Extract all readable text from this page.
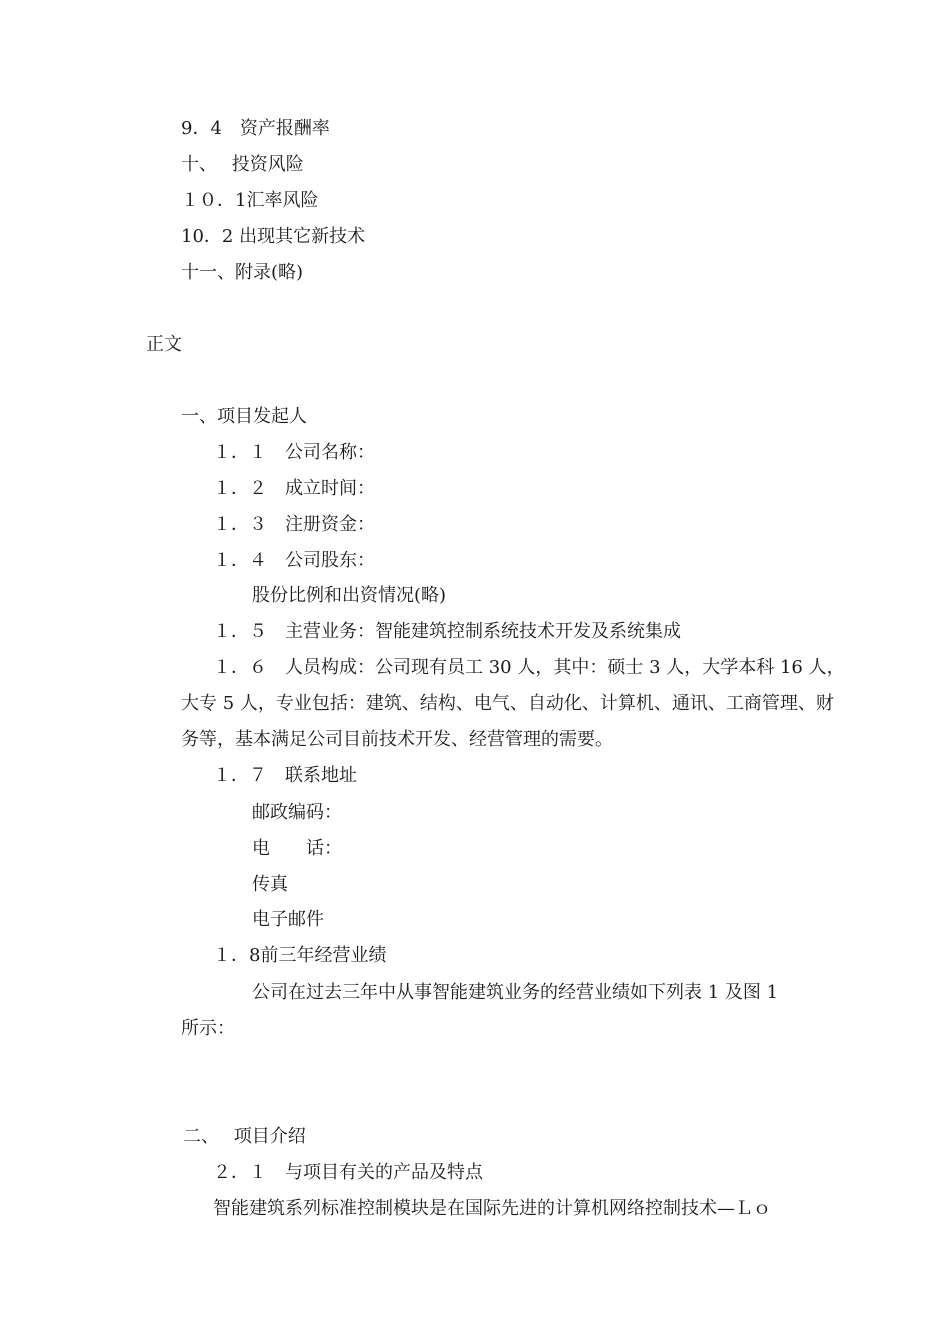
9．4　资产报酬率
十、　 投资风险
１０．1汇率风险
10．2 出现其它新技术
十一、附录(略)
正文
一、项目发起人
１．１　公司名称：
１．２　成立时间：
１．３　注册资金：
１．４　公司股东：
股份比例和出资情况(略)
１．５　主营业务：智能建筑控制系统技术开发及系统集成
１．６　人员构成：公司现有员工 30 人，其中：硕士 3 人，大学本科 16 人，
大专 5 人，专业包括：建筑、结构、电气、自动化、计算机、通讯、工商管理、财
务等，基本满足公司目前技术开发、经营管理的需要。
１．７　联系地址
邮政编码：
电　　话：
传真
电子邮件
１．8前三年经营业绩
公司在过去三年中从事智能建筑业务的经营业绩如下列表 1 及图 1
所示：
二、　 项目介绍
２．１　与项目有关的产品及特点
智能建筑系列标准控制模块是在国际先进的计算机网络控制技术—Ｌｏ
